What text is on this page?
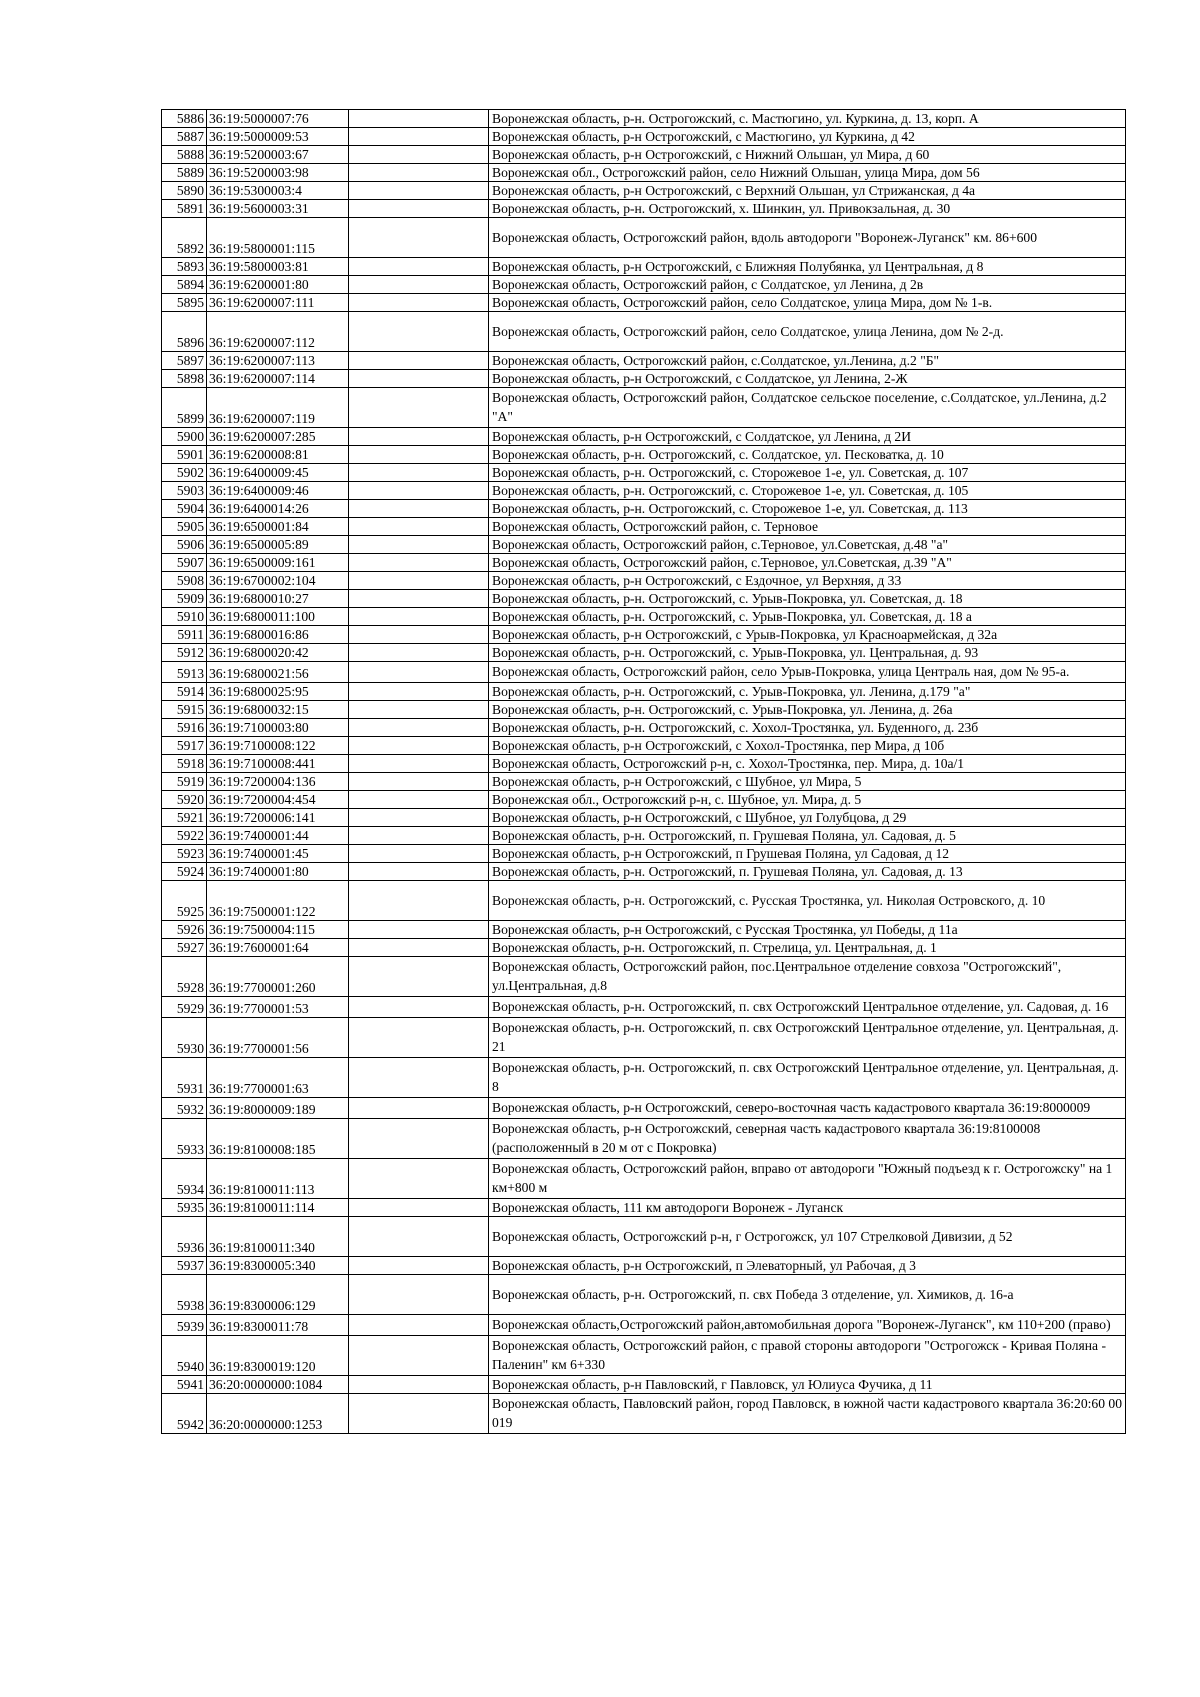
5886	36:19:5000007:76		Воронежская область, р-н. Острогожский, с. Мастюгино, ул. Куркина, д. 13, корп. А
5887	36:19:5000009:53		Воронежская область, р-н Острогожский, с Мастюгино, ул Куркина, д 42
5888	36:19:5200003:67		Воронежская область, р-н Острогожский, с Нижний Ольшан, ул Мира, д 60
5889	36:19:5200003:98		Воронежская обл., Острогожский район, село Нижний Ольшан, улица Мира, дом 56
5890	36:19:5300003:4		Воронежская область, р-н Острогожский, с Верхний Ольшан, ул Стрижанская, д 4а
5891	36:19:5600003:31		Воронежская область, р-н. Острогожский, х. Шинкин, ул. Привокзальная, д. 30
5892	36:19:5800001:115		Воронежская область, Острогожский район, вдоль автодороги "Воронеж-Луганск" км. 86+600
5893	36:19:5800003:81		Воронежская область, р-н Острогожский, с Ближняя Полубянка, ул Центральная, д 8
5894	36:19:6200001:80		Воронежская область, Острогожский район, с Солдатское, ул Ленина, д 2в
5895	36:19:6200007:111		Воронежская область, Острогожский район, село Солдатское, улица Мира, дом № 1-в.
5896	36:19:6200007:112		Воронежская область, Острогожский район, село Солдатское, улица Ленина, дом № 2-д.
5897	36:19:6200007:113		Воронежская область, Острогожский район, с.Солдатское, ул.Ленина, д.2 "Б"
5898	36:19:6200007:114		Воронежская область, р-н Острогожский, с Солдатское, ул Ленина, 2-Ж
5899	36:19:6200007:119		Воронежская область, Острогожский район, Солдатское сельское поселение, с.Солдатское, ул.Ленина, д.2 "А"
5900	36:19:6200007:285		Воронежская область, р-н Острогожский, с Солдатское, ул Ленина, д 2И
5901	36:19:6200008:81		Воронежская область, р-н. Острогожский, с. Солдатское, ул. Песковатка, д. 10
5902	36:19:6400009:45		Воронежская область, р-н. Острогожский, с. Сторожевое 1-е, ул. Советская, д. 107
5903	36:19:6400009:46		Воронежская область, р-н. Острогожский, с. Сторожевое 1-е, ул. Советская, д. 105
5904	36:19:6400014:26		Воронежская область, р-н. Острогожский, с. Сторожевое 1-е, ул. Советская, д. 113
5905	36:19:6500001:84		Воронежская область, Острогожский район, с. Терновое
5906	36:19:6500005:89		Воронежская область, Острогожский район, с.Терновое, ул.Советская, д.48 "а"
5907	36:19:6500009:161		Воронежская область, Острогожский район, с.Терновое, ул.Советская, д.39 "А"
5908	36:19:6700002:104		Воронежская область, р-н Острогожский, с Ездочное, ул Верхняя, д 33
5909	36:19:6800010:27		Воронежская область, р-н. Острогожский, с. Урыв-Покровка, ул. Советская, д. 18
5910	36:19:6800011:100		Воронежская область, р-н. Острогожский, с. Урыв-Покровка, ул. Советская, д. 18 а
5911	36:19:6800016:86		Воронежская область, р-н Острогожский, с Урыв-Покровка, ул Красноармейская, д 32а
5912	36:19:6800020:42		Воронежская область, р-н. Острогожский, с. Урыв-Покровка, ул. Центральная, д. 93
5913	36:19:6800021:56		Воронежская область, Острогожский район, село Урыв-Покровка, улица Централь ная, дом № 95-а.
5914	36:19:6800025:95		Воронежская область, р-н. Острогожский, с. Урыв-Покровка, ул. Ленина, д.179 "а"
5915	36:19:6800032:15		Воронежская область, р-н. Острогожский, с. Урыв-Покровка, ул. Ленина, д. 26а
5916	36:19:7100003:80		Воронежская область, р-н. Острогожский, с. Хохол-Тростянка, ул. Буденного, д. 23б
5917	36:19:7100008:122		Воронежская область, р-н Острогожский, с Хохол-Тростянка, пер Мира, д 10б
5918	36:19:7100008:441		Воронежская область, Острогожский р-н, с. Хохол-Тростянка, пер. Мира, д. 10а/1
5919	36:19:7200004:136		Воронежская область, р-н Острогожский, с Шубное, ул Мира, 5
5920	36:19:7200004:454		Воронежская обл., Острогожский р-н, с. Шубное, ул. Мира, д. 5
5921	36:19:7200006:141		Воронежская область, р-н Острогожский, с Шубное, ул Голубцова, д 29
5922	36:19:7400001:44		Воронежская область, р-н. Острогожский, п. Грушевая Поляна, ул. Садовая, д. 5
5923	36:19:7400001:45		Воронежская область, р-н Острогожский, п Грушевая Поляна, ул Садовая, д 12
5924	36:19:7400001:80		Воронежская область, р-н. Острогожский, п. Грушевая Поляна, ул. Садовая, д. 13
5925	36:19:7500001:122		Воронежская область, р-н. Острогожский, с. Русская Тростянка, ул. Николая Островского, д. 10
5926	36:19:7500004:115		Воронежская область, р-н Острогожский, с Русская Тростянка, ул Победы, д 11а
5927	36:19:7600001:64		Воронежская область, р-н. Острогожский, п. Стрелица, ул. Центральная, д. 1
5928	36:19:7700001:260		Воронежская область, Острогожский район, пос.Центральное отделение совхоза "Острогожский", ул.Центральная, д.8
5929	36:19:7700001:53		Воронежская область, р-н. Острогожский, п. свх Острогожский Центральное отделение, ул. Садовая, д. 16
5930	36:19:7700001:56		Воронежская область, р-н. Острогожский, п. свх Острогожский Центральное отделение, ул. Центральная, д. 21
5931	36:19:7700001:63		Воронежская область, р-н. Острогожский, п. свх Острогожский Центральное отделение, ул. Центральная, д. 8
5932	36:19:8000009:189		Воронежская область, р-н Острогожский, северо-восточная часть кадастрового квартала 36:19:8000009
5933	36:19:8100008:185		Воронежская область, р-н Острогожский, северная часть кадастрового квартала 36:19:8100008 (расположенный в 20 м от с Покровка)
5934	36:19:8100011:113		Воронежская область, Острогожский район, вправо от автодороги "Южный подъезд к г. Острогожску" на 1 км+800 м
5935	36:19:8100011:114		Воронежская область, 111 км автодороги Воронеж - Луганск
5936	36:19:8100011:340		Воронежская область, Острогожский р-н, г Острогожск, ул 107 Стрелковой Дивизии, д 52
5937	36:19:8300005:340		Воронежская область, р-н Острогожский, п Элеваторный, ул Рабочая, д 3
5938	36:19:8300006:129		Воронежская область, р-н. Острогожский, п. свх Победа 3 отделение, ул. Химиков, д. 16-а
5939	36:19:8300011:78		Воронежская область,Острогожский район,автомобильная дорога "Воронеж-Луганск", км 110+200 (право)
5940	36:19:8300019:120		Воронежская область, Острогожский район, с правой стороны автодороги "Острогожск - Кривая Поляна - Паленин" км 6+330
5941	36:20:0000000:1084		Воронежская область, р-н Павловский, г Павловск, ул Юлиуса Фучика, д 11
5942	36:20:0000000:1253		Воронежская область, Павловский район, город Павловск, в южной части кадастрового квартала 36:20:60 00 019
